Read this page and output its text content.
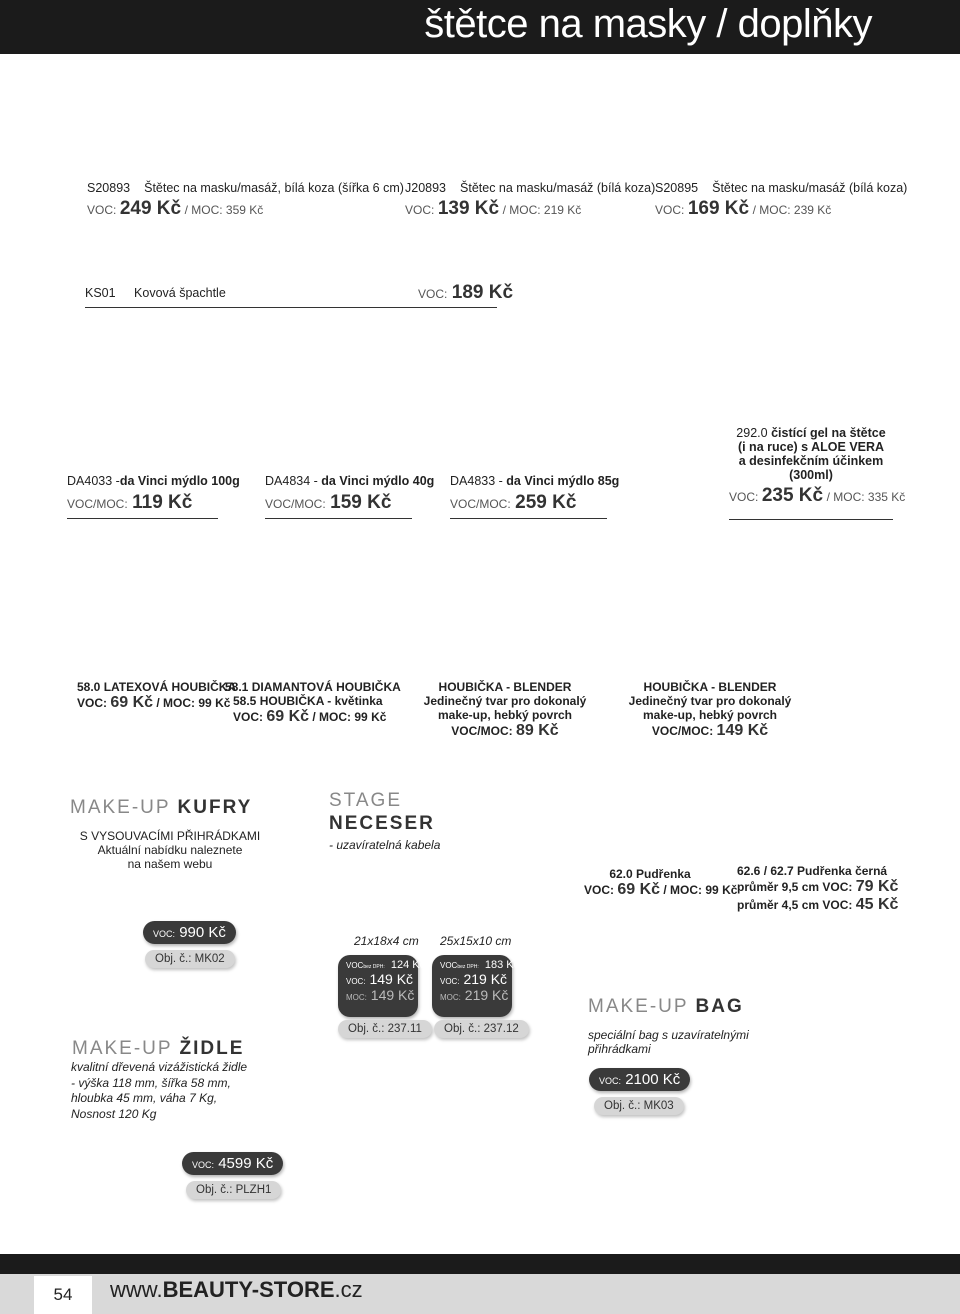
štětce na masky / doplňky
S20893 Štětec na masku/masáž, bílá koza (šířka 6 cm)
VOC: 249 Kč / MOC: 359 Kč
J20893 Štětec na masku/masáž (bílá koza)
VOC: 139 Kč / MOC: 219 Kč
S20895 Štětec na masku/masáž (bílá koza)
VOC: 169 Kč / MOC: 239 Kč
KS01 Kovová špachtle	VOC: 189 Kč
DA4033 -da Vinci mýdlo 100g
VOC/MOC: 119 Kč
DA4834 - da Vinci mýdlo 40g
VOC/MOC: 159 Kč
DA4833 - da Vinci mýdlo 85g
VOC/MOC: 259 Kč
292.0 čistící gel na štětce
(i na ruce) s ALOE VERA
a desinfekčním účinkem
(300ml)
VOC: 235 Kč / MOC: 335 Kč
58.0 LATEXOVÁ HOUBIČKA
VOC: 69 Kč / MOC: 99 Kč
58.1 DIAMANTOVÁ HOUBIČKA
58.5 HOUBIČKA - květinka
VOC: 69 Kč / MOC: 99 Kč
HOUBIČKA - BLENDER
Jedinečný tvar pro dokonalý
make-up, hebký povrch
VOC/MOC: 89 Kč
HOUBIČKA - BLENDER
Jedinečný tvar pro dokonalý
make-up, hebký povrch
VOC/MOC: 149 Kč
MAKE-UP KUFRY
S VYSOUVACÍMI PŘIHRÁDKAMI
Aktuální nabídku naleznete
na našem webu
VOC: 990 Kč
Obj. č.: MK02
STAGE
NECESER
- uzavíratelná kabela
21x18x4 cm 25x15x10 cm
VOCbez DPH: 124 Kč
VOC: 149 Kč
MOC: 149 Kč
Obj. č.: 237.11
VOCbez DPH: 183 Kč
VOC: 219 Kč
MOC: 219 Kč
Obj. č.: 237.12
62.0 Pudřenka
VOC: 69 Kč / MOC: 99 Kč
62.6 / 62.7 Pudřenka černá
průměr 9,5 cm VOC: 79 Kč
průměr 4,5 cm VOC: 45 Kč
MAKE-UP BAG
speciální bag s uzavíratelnými
přihrádkami
VOC: 2100 Kč
Obj. č.: MK03
MAKE-UP ŽIDLE
kvalitní dřevená vizážistická židle
- výška 118 mm, šířka 58 mm,
hloubka 45 mm, váha 7 Kg,
Nosnost 120 Kg
VOC: 4599 Kč
Obj. č.: PLZH1
54	www.BEAUTY-STORE.cz
